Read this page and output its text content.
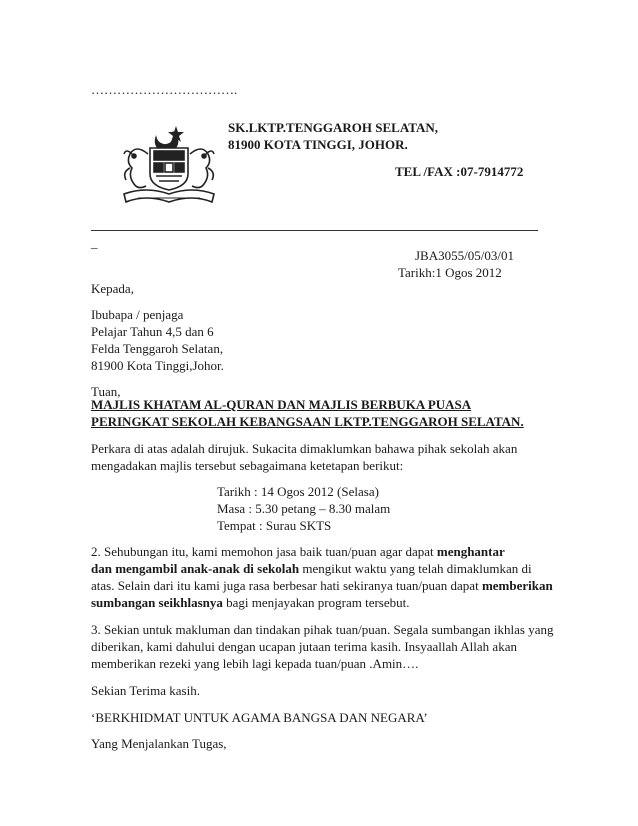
…………………………….
SK.LKTP.TENGGAROH SELATAN,
81900 KOTA TINGGI, JOHOR.
TEL /FAX :07-7914772
_
JBA3055/05/03/01
Tarikh:1 Ogos 2012
Kepada,
Ibubapa / penjaga
Pelajar Tahun 4,5 dan 6
Felda Tenggaroh Selatan,
81900 Kota Tinggi,Johor.
Tuan,
MAJLIS KHATAM AL-QURAN DAN MAJLIS BERBUKA PUASA
PERINGKAT SEKOLAH KEBANGSAAN LKTP.TENGGAROH SELATAN.
Perkara di atas adalah dirujuk. Sukacita dimaklumkan bahawa pihak sekolah akan
mengadakan majlis tersebut sebagaimana ketetapan berikut:
Tarikh : 14 Ogos 2012 (Selasa)
Masa : 5.30 petang – 8.30 malam
Tempat : Surau SKTS
2. Sehubungan itu, kami memohon jasa baik tuan/puan agar dapat menghantar
dan mengambil anak-anak di sekolah mengikut waktu yang telah dimaklumkan di
atas. Selain dari itu kami juga rasa berbesar hati sekiranya tuan/puan dapat memberikan
sumbangan seikhlasnya bagi menjayakan program tersebut.
3. Sekian untuk makluman dan tindakan pihak tuan/puan. Segala sumbangan ikhlas yang
diberikan, kami dahului dengan ucapan jutaan terima kasih. Insyaallah Allah akan
memberikan rezeki yang lebih lagi kepada tuan/puan .Amin….
Sekian Terima kasih.
‘BERKHIDMAT UNTUK AGAMA BANGSA DAN NEGARA’
Yang Menjalankan Tugas,
